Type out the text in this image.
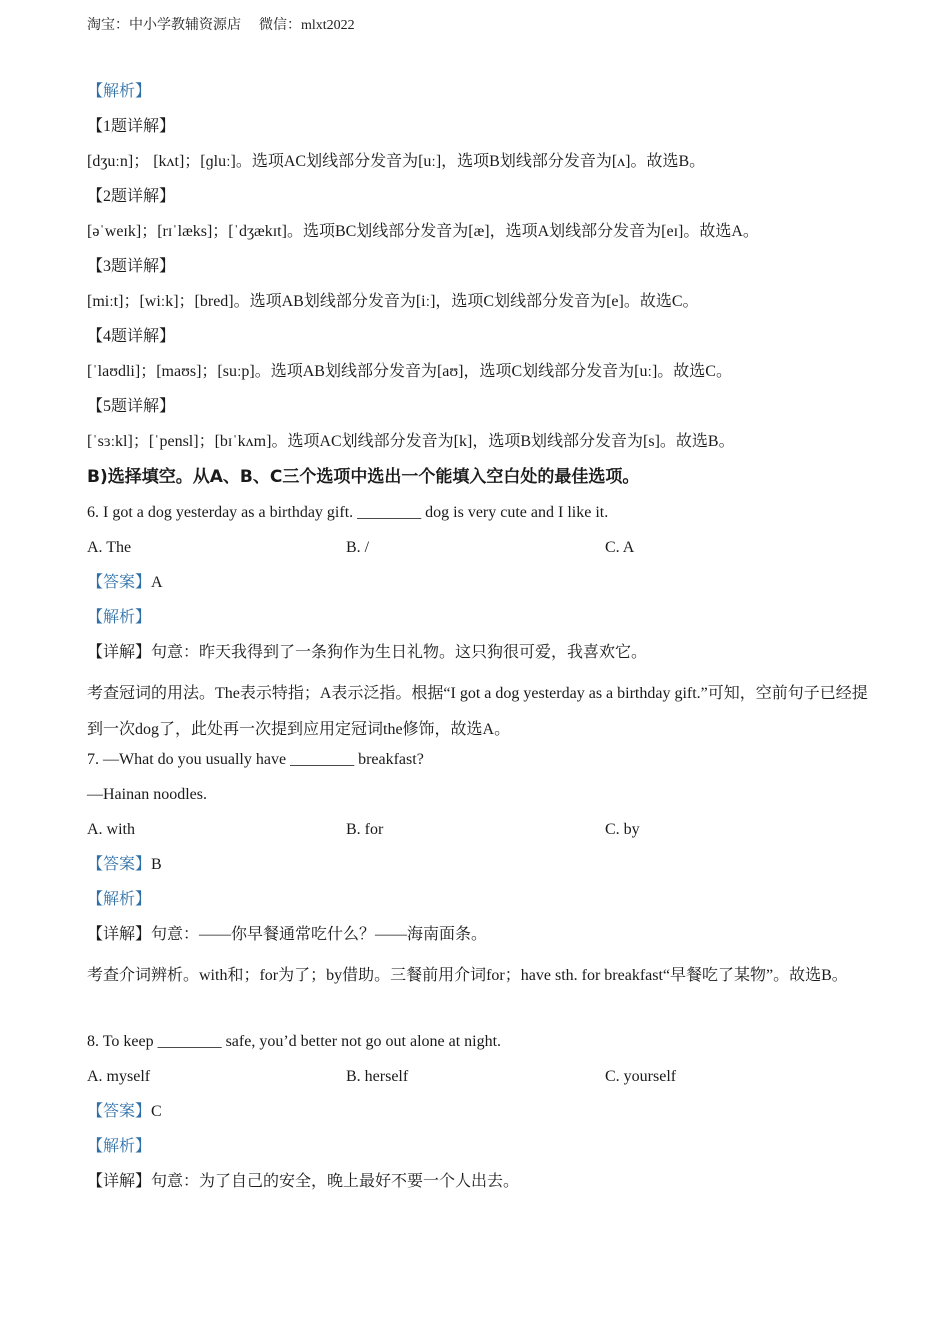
淘宝：中小学教辅资源店 微信：mlxt2022
【解析】
【1题详解】
[dʒuːn]； [kʌt]；[ɡluː]。选项AC划线部分发音为[uː]，选项B划线部分发音为[ʌ]。故选B。
【2题详解】
[əˈweɪk]；[rɪˈlæks]；[ˈdʒækɪt]。选项BC划线部分发音为[æ]，选项A划线部分发音为[eɪ]。故选A。
【3题详解】
[miːt]；[wiːk]；[bred]。选项AB划线部分发音为[iː]，选项C划线部分发音为[e]。故选C。
【4题详解】
[ˈlaʊdli]；[maʊs]；[suːp]。选项AB划线部分发音为[aʊ]，选项C划线部分发音为[uː]。故选C。
【5题详解】
[ˈsɜːkl]；[ˈpensl]；[bɪˈkʌm]。选项AC划线部分发音为[k]，选项B划线部分发音为[s]。故选B。
B)选择填空。从A、B、C三个选项中选出一个能填入空白处的最佳选项。
6. I got a dog yesterday as a birthday gift. ________ dog is very cute and I like it.
A. The	B. /	C. A
【答案】A
【解析】
【详解】句意：昨天我得到了一条狗作为生日礼物。这只狗很可爱，我喜欢它。
考查冠词的用法。The表示特指；A表示泛指。根据“I got a dog yesterday as a birthday gift.”可知，空前句子已经提到一次dog了，此处再一次提到应用定冠词the修饰，故选A。
7. —What do you usually have ________ breakfast?
—Hainan noodles.
A. with	B. for	C. by
【答案】B
【解析】
【详解】句意：——你早餐通常吃什么？——海南面条。
考查介词辨析。with和；for为了；by借助。三餐前用介词for；have sth. for breakfast“早餐吃了某物”。故选B。
8. To keep ________ safe, you’d better not go out alone at night.
A. myself	B. herself	C. yourself
【答案】C
【解析】
【详解】句意：为了自己的安全，晚上最好不要一个人出去。
